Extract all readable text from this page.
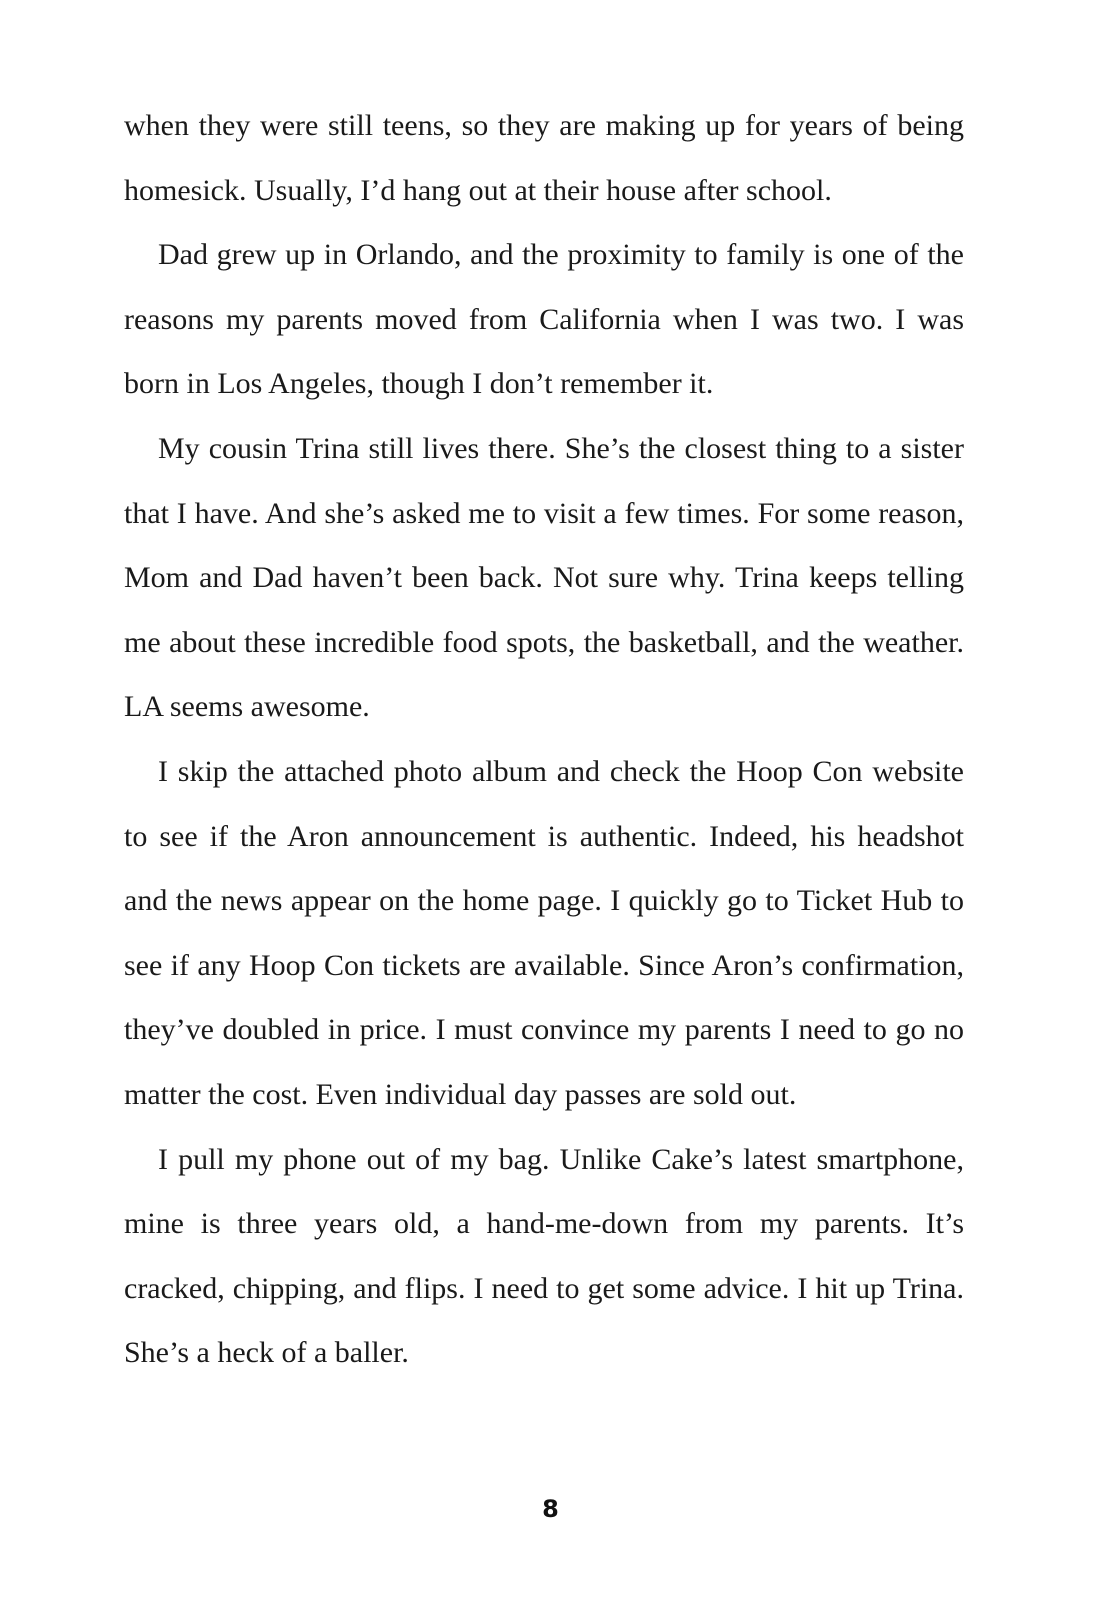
when they were still teens, so they are making up for years of being homesick. Usually, I’d hang out at their house after school.

Dad grew up in Orlando, and the proximity to family is one of the reasons my parents moved from California when I was two. I was born in Los Angeles, though I don’t remember it.

My cousin Trina still lives there. She’s the closest thing to a sister that I have. And she’s asked me to visit a few times. For some reason, Mom and Dad haven’t been back. Not sure why. Trina keeps telling me about these incredible food spots, the basketball, and the weather. LA seems awesome.

I skip the attached photo album and check the Hoop Con website to see if the Aron announcement is authentic. Indeed, his headshot and the news appear on the home page. I quickly go to Ticket Hub to see if any Hoop Con tickets are available. Since Aron’s confirmation, they’ve doubled in price. I must convince my parents I need to go no matter the cost. Even individual day passes are sold out.

I pull my phone out of my bag. Unlike Cake’s latest smartphone, mine is three years old, a hand-me-down from my parents. It’s cracked, chipping, and flips. I need to get some advice. I hit up Trina. She’s a heck of a baller.

8
